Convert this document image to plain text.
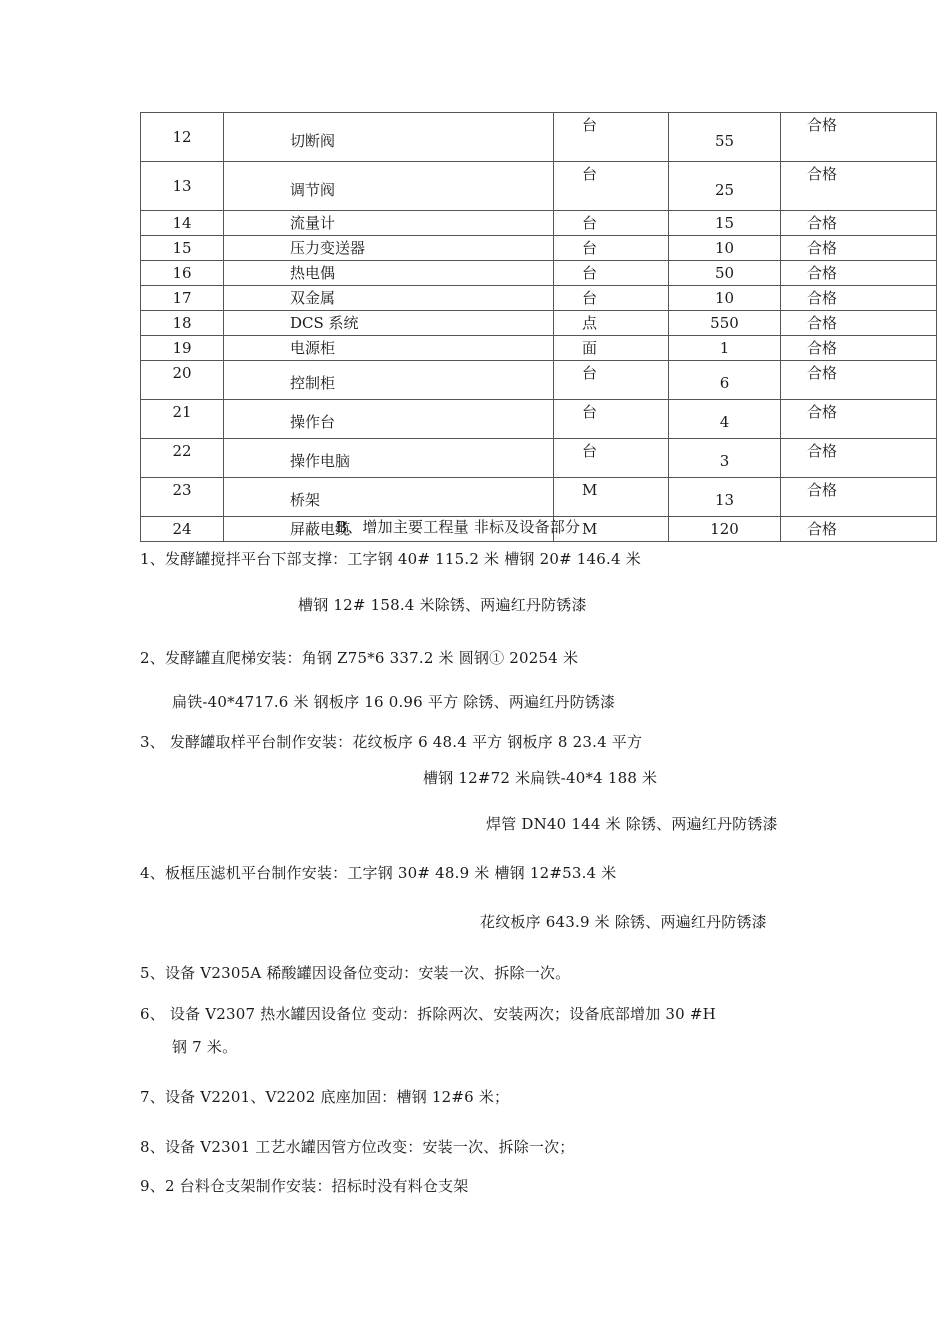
12	切断阀	台	55	合格
13	调节阀	台	25	合格
14	流量计	台	15	合格
15	压力变送器	台	10	合格
16	热电偶	台	50	合格
17	双金属	台	10	合格
18	DCS 系统	点	550	合格
19	电源柜	面	1	合格
20	控制柜	台	6	合格
21	操作台	台	4	合格
22	操作电脑	台	3	合格
23	桥架	M	13	合格
24	屏蔽电缆	M	120	合格
B、增加主要工程量 非标及设备部分
1、发酵罐搅拌平台下部支撑：工字钢 40# 115.2 米 槽钢 20# 146.4 米
槽钢 12# 158.4 米除锈、两遍红丹防锈漆
2、发酵罐直爬梯安装：角钢 Z75*6 337.2 米 圆钢① 20254 米
扁铁-40*4717.6 米 钢板序 16 0.96 平方 除锈、两遍红丹防锈漆
3、 发酵罐取样平台制作安装：花纹板序 6 48.4 平方 钢板序 8 23.4 平方
槽钢 12#72 米扁铁-40*4 188 米
焊管 DN40 144 米 除锈、两遍红丹防锈漆
4、板框压滤机平台制作安装：工字钢 30# 48.9 米 槽钢 12#53.4 米
花纹板序 643.9 米 除锈、两遍红丹防锈漆
5、设备 V2305A 稀酸罐因设备位变动：安装一次、拆除一次。
6、 设备 V2307 热水罐因设备位 变动：拆除两次、安装两次；设备底部增加 30 #H
钢 7 米。
7、设备 V2201、V2202 底座加固：槽钢 12#6 米；
8、设备 V2301 工艺水罐因管方位改变：安装一次、拆除一次；
9、2 台料仓支架制作安装：招标时没有料仓支架
